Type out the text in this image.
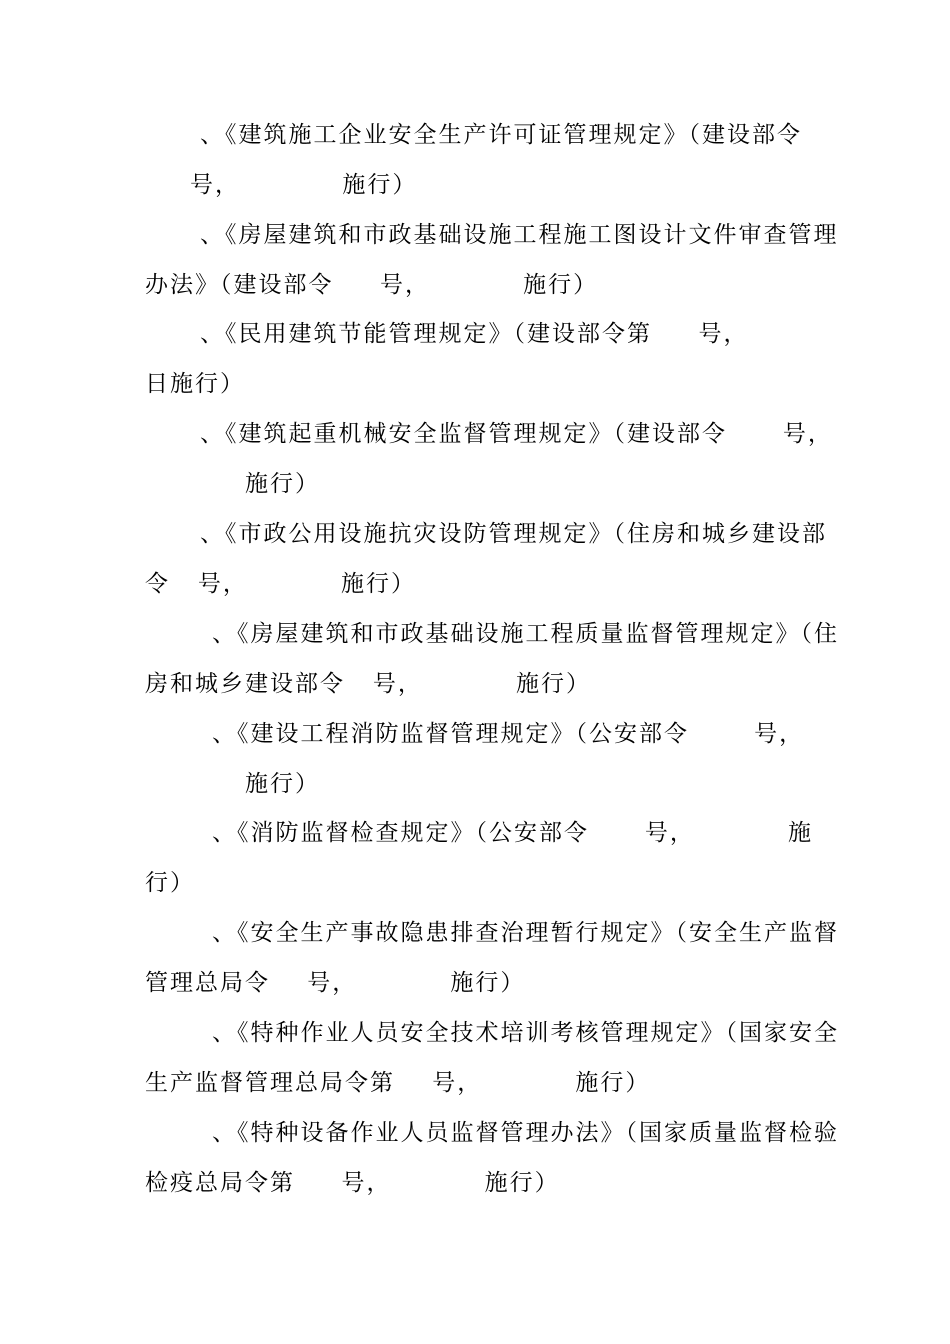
、《建筑施工企业安全生产许可证管理规定》（建设部令
号，           施行）
、《房屋建筑和市政基础设施工程施工图设计文件审查管理
办法》（建设部令     号，          施行）
、《民用建筑节能管理规定》（建设部令第     号，
日施行）
、《建筑起重机械安全监督管理规定》（建设部令      号，
施行）
、《市政公用设施抗灾设防管理规定》（住房和城乡建设部
令   号，          施行）
、《房屋建筑和市政基础设施工程质量监督管理规定》（住
房和城乡建设部令   号，          施行）
、《建设工程消防监督管理规定》（公安部令       号，
施行）
、《消防监督检查规定》（公安部令      号，          施
行）
、《安全生产事故隐患排查治理暂行规定》（安全生产监督
管理总局令    号，          施行）
、《特种作业人员安全技术培训考核管理规定》（国家安全
生产监督管理总局令第    号，          施行）
、《特种设备作业人员监督管理办法》（国家质量监督检验
检疫总局令第     号，          施行）
